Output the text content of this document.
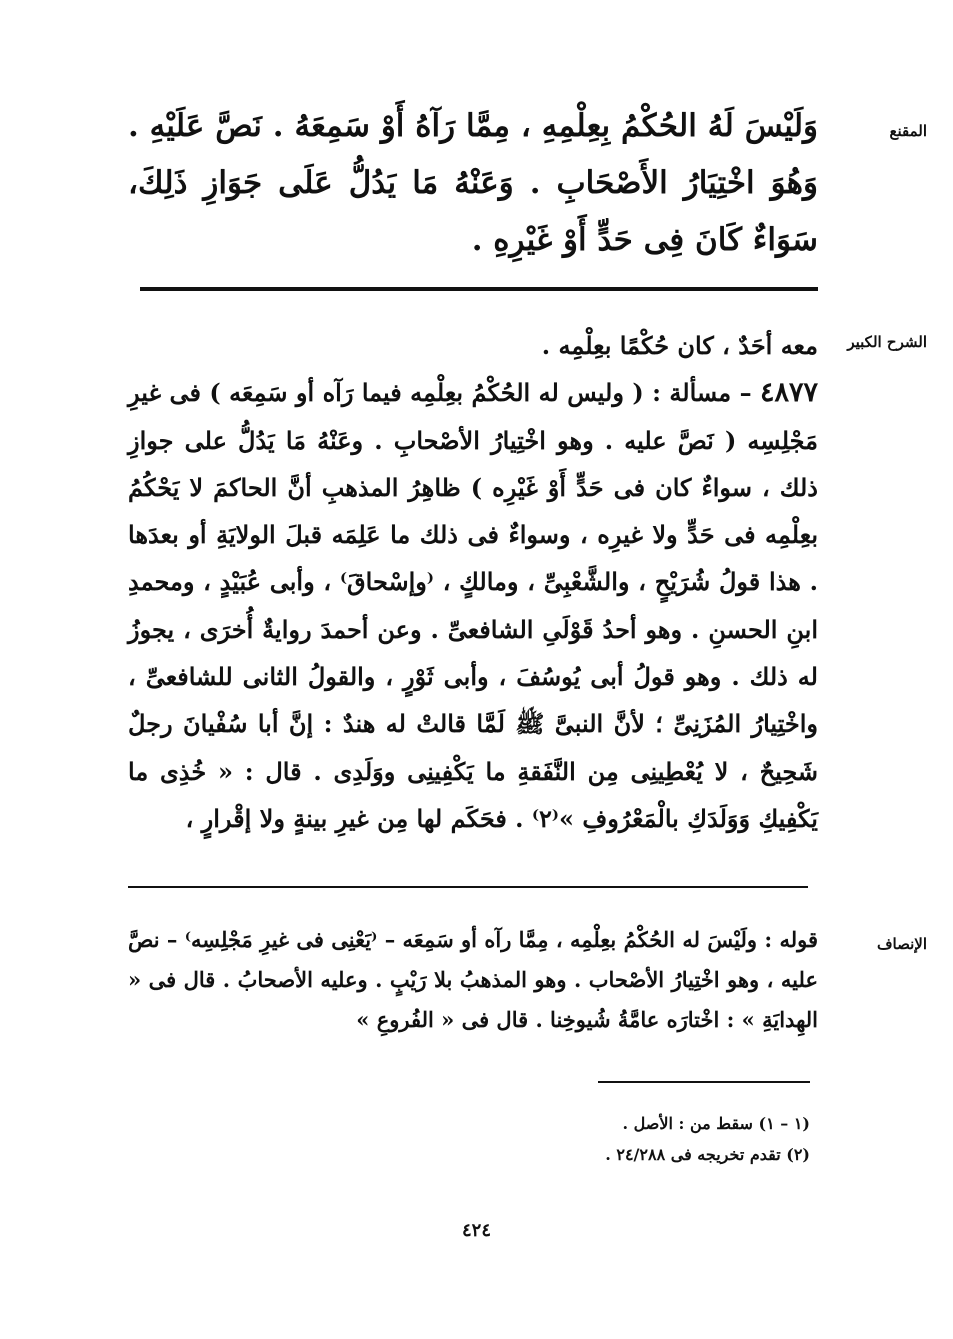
المقنع
وَلَيْسَ لَهُ الحُكْمُ بِعِلْمِهِ ، مِمَّا رَآهُ أَوْ سَمِعَهُ . نَصَّ عَلَيْهِ . وَهُوَ اخْتِيَارُ الأَصْحَابِ . وَعَنْهُ مَا يَدُلُّ عَلَى جَوَازِ ذَلِكَ، سَوَاءٌ كَانَ فِى حَدٍّ أَوْ غَيْرِهِ .
الشرح الكبير

معه أحَدٌ ، كان حُكْمًا بعِلْمِه .

٤٨٧٧ – مسألة : ( وليس له الحُكْمُ بعِلْمِه فيما رَآه أو سَمِعَه ) فى غيرِ مَجْلِسِه ( نَصَّ عليه . وهو اخْتِيارُ الأصْحابِ . وعَنْهُ مَا يَدُلُّ على جوازِ ذلك ، سواءٌ كان فى حَدٍّ أَوْ غَيْرِه ) ظاهِرُ المذهبِ أنَّ الحاكمَ لا يَحْكُمُ بعِلْمِه فى حَدٍّ ولا غيرِه ، وسواءٌ فى ذلك ما عَلِمَه قبلَ الولايَةِ أو بعدَها . هذا قولُ شُرَيْحٍ ، والشَّعْبِىِّ ، ومالكٍ ، ⁽وإسْحاقَ⁾ ، وأبى عُبَيْدٍ ، ومحمدِ ابنِ الحسنِ . وهو أحدُ قَوْلَىِ الشافعىِّ . وعن أحمدَ روايةٌ أُخرَى ، يجوزُ له ذلك . وهو قولُ أبى يُوسُفَ ، وأبى ثَوْرٍ ، والقولُ الثانى للشافعىِّ ، واخْتِيارُ المُزَنِىِّ ؛ لأنَّ النبىَّ ﷺ لَمَّا قالتْ له هندٌ : إنَّ أبا سُفْيانَ رجلٌ شَحِيحٌ ، لا يُعْطِينِى مِن النَّفَقةِ ما يَكْفِينِى ووَلَدِى . قال : « خُذِى ما يَكْفِيكِ وَوَلَدَكِ بالْمَعْرُوفِ »⁽٢⁾ . فحَكَم لها مِن غيرِ بينةٍ ولا إقْرارٍ ،

الإنصاف
قوله : ولَيْسَ له الحُكْمُ بعِلْمِه ، مِمَّا رآه أو سَمِعَه – ⁽يَعْنِى فى غيرِ مَجْلِسِه⁾ – نصَّ عليه ، وهو اخْتِيارُ الأصْحاب . وهو المذهبُ بلا رَيْبٍ . وعليه الأصحابُ . قال فى « الهِدايَةِ » : اخْتارَه عامَّةُ شُيوخِنا . قال فى « الفُروعِ »
(١ – ١) سقط من : الأصل .
(٢) تقدم تخريجه فى ٢٤/٢٨٨ .
٤٢٤
